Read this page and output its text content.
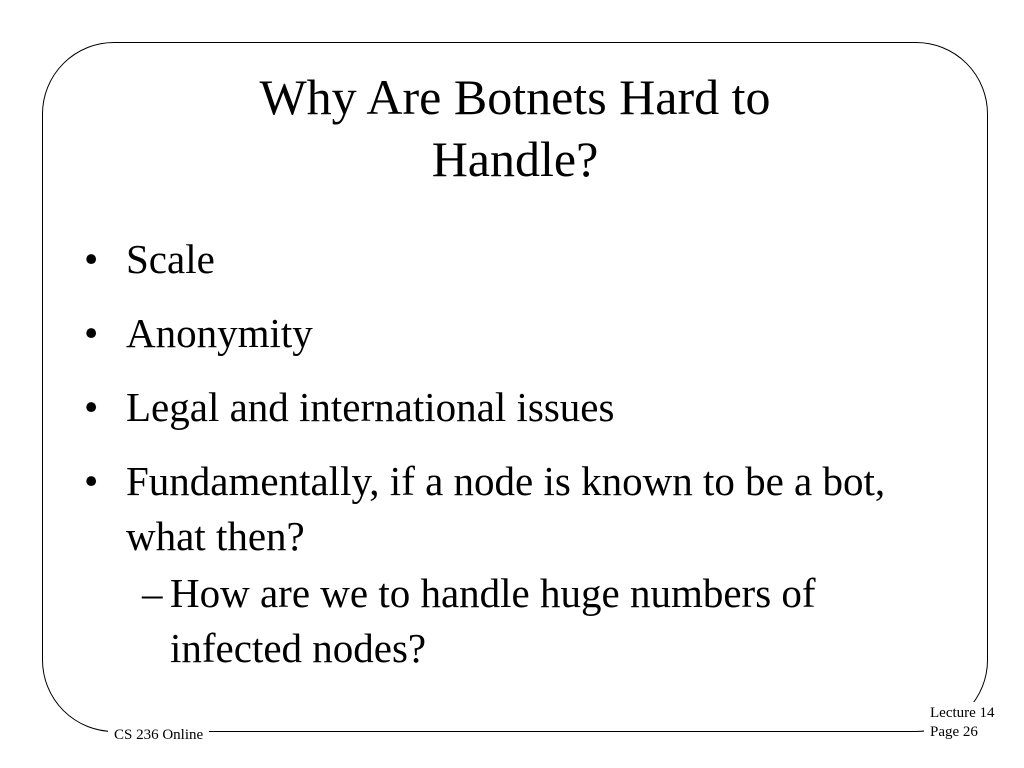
Why Are Botnets Hard to
Handle?
• Scale
• Anonymity
• Legal and international issues
• Fundamentally, if a node is known to be a bot, what then?
– How are we to handle huge numbers of infected nodes?
CS 236 Online
Lecture 14
Page 26
